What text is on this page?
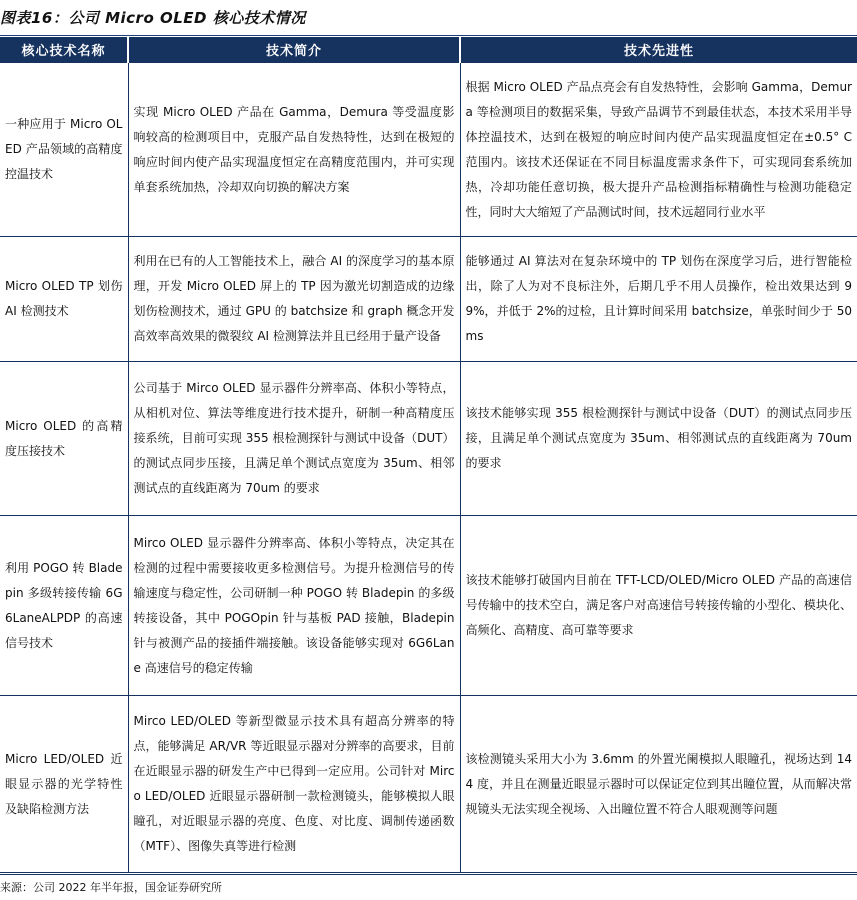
图表16：公司 Micro OLED 核心技术情况
核心技术名称	技术简介	技术先进性
一种应用于 Micro OLED 产品领域的高精度控温技术	实现 Micro OLED 产品在 Gamma，Demura 等受温度影响较高的检测项目中，克服产品自发热特性，达到在极短的响应时间内使产品实现温度恒定在高精度范围内，并可实现单套系统加热，冷却双向切换的解决方案	根据 Micro OLED 产品点亮会有自发热特性，会影响 Gamma，Demura 等检测项目的数据采集，导致产品调节不到最佳状态，本技术采用半导体控温技术，达到在极短的响应时间内使产品实现温度恒定在±0.5° C 范围内。该技术还保证在不同目标温度需求条件下，可实现同套系统加热，冷却功能任意切换，极大提升产品检测指标精确性与检测功能稳定性，同时大大缩短了产品测试时间，技术远超同行业水平
Micro OLED TP 划伤 AI 检测技术	利用在已有的人工智能技术上，融合 AI 的深度学习的基本原理，开发 Micro OLED 屏上的 TP 因为激光切割造成的边缘划伤检测技术，通过 GPU 的 batchsize 和 graph 概念开发高效率高效果的微裂纹 AI 检测算法并且已经用于量产设备	能够通过 AI 算法对在复杂环境中的 TP 划伤在深度学习后，进行智能检出，除了人为对不良标注外，后期几乎不用人员操作，检出效果达到 99%，并低于 2%的过检，且计算时间采用 batchsize，单张时间少于 50ms
Micro OLED 的高精度压接技术	公司基于 Mirco OLED 显示器件分辨率高、体积小等特点，从相机对位、算法等维度进行技术提升，研制一种高精度压接系统，目前可实现 355 根检测探针与测试中设备（DUT）的测试点同步压接，且满足单个测试点宽度为 35um、相邻测试点的直线距离为 70um 的要求	该技术能够实现 355 根检测探针与测试中设备（DUT）的测试点同步压接，且满足单个测试点宽度为 35um、相邻测试点的直线距离为 70um 的要求
利用 POGO 转 Bladepin 多级转接传输 6G6LaneALPDP 的高速信号技术	Mirco OLED 显示器件分辨率高、体积小等特点，决定其在检测的过程中需要接收更多检测信号。为提升检测信号的传输速度与稳定性，公司研制一种 POGO 转 Bladepin 的多级转接设备，其中 POGOpin 针与基板 PAD 接触，Bladepin 针与被测产品的接插件端接触。该设备能够实现对 6G6Lane 高速信号的稳定传输	该技术能够打破国内目前在 TFT-LCD/OLED/Micro OLED 产品的高速信号传输中的技术空白，满足客户对高速信号转接传输的小型化、模块化、高频化、高精度、高可靠等要求
Micro LED/OLED 近眼显示器的光学特性及缺陷检测方法	Mirco LED/OLED 等新型微显示技术具有超高分辨率的特点，能够满足 AR/VR 等近眼显示器对分辨率的高要求，目前在近眼显示器的研发生产中已得到一定应用。公司针对 Mirco LED/OLED 近眼显示器研制一款检测镜头，能够模拟人眼瞳孔，对近眼显示器的亮度、色度、对比度、调制传递函数（MTF）、图像失真等进行检测	该检测镜头采用大小为 3.6mm 的外置光阑模拟人眼瞳孔，视场达到 144 度，并且在测量近眼显示器时可以保证定位到其出瞳位置，从而解决常规镜头无法实现全视场、入出瞳位置不符合人眼观测等问题
来源：公司 2022 年半年报，国金证券研究所
